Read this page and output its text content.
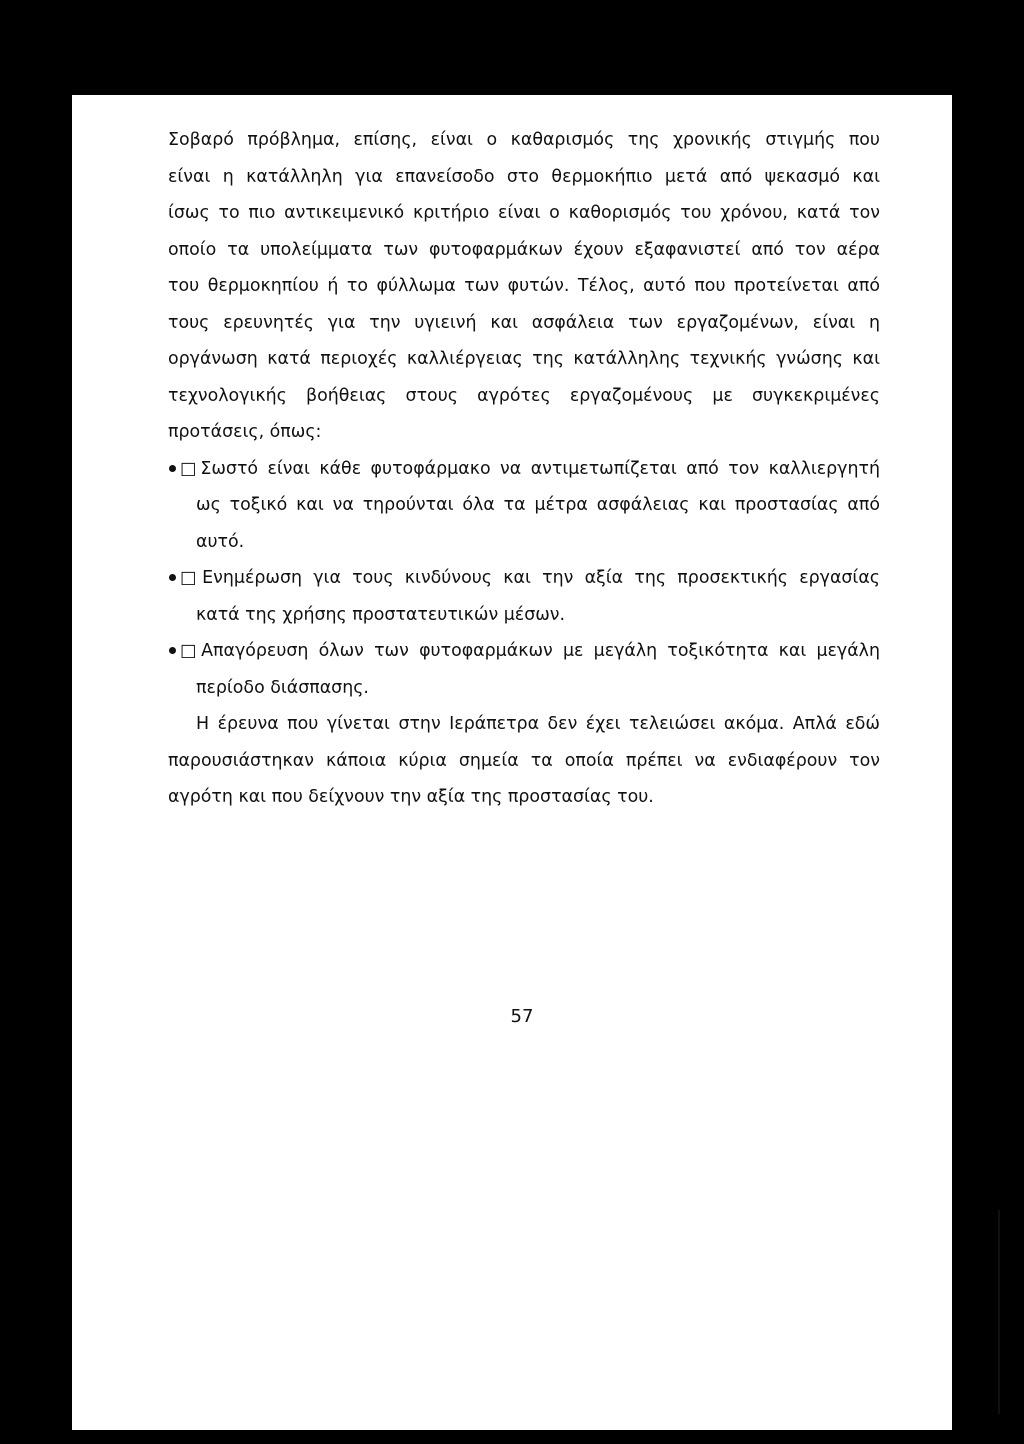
Σοβαρό πρόβλημα, επίσης, είναι ο καθαρισμός της χρονικής στιγμής που
είναι η κατάλληλη για επανείσοδο στο θερμοκήπιο μετά από ψεκασμό και
ίσως το πιο αντικειμενικό κριτήριο είναι ο καθορισμός του χρόνου, κατά τον
οποίο τα υπολείμματα των φυτοφαρμάκων έχουν εξαφανιστεί από τον αέρα
του θερμοκηπίου ή το φύλλωμα των φυτών. Τέλος, αυτό που προτείνεται από
τους ερευνητές για την υγιεινή και ασφάλεια των εργαζομένων, είναι η
οργάνωση κατά περιοχές καλλιέργειας της κατάλληλης τεχνικής γνώσης και
τεχνολογικής βοήθειας στους αγρότες εργαζομένους με συγκεκριμένες
προτάσεις, όπως:
□Σωστό είναι κάθε φυτοφάρμακο να αντιμετωπίζεται από τον καλλιεργητή
ως τοξικό και να τηρούνται όλα τα μέτρα ασφάλειας και προστασίας από
αυτό.
□Ενημέρωση για τους κινδύνους και την αξία της προσεκτικής εργασίας
κατά της χρήσης προστατευτικών μέσων.
□Απαγόρευση όλων των φυτοφαρμάκων με μεγάλη τοξικότητα και μεγάλη
περίοδο διάσπασης.
Η έρευνα που γίνεται στην Ιεράπετρα δεν έχει τελειώσει ακόμα. Απλά εδώ
παρουσιάστηκαν κάποια κύρια σημεία τα οποία πρέπει να ενδιαφέρουν τον
αγρότη και που δείχνουν την αξία της προστασίας του.
57
